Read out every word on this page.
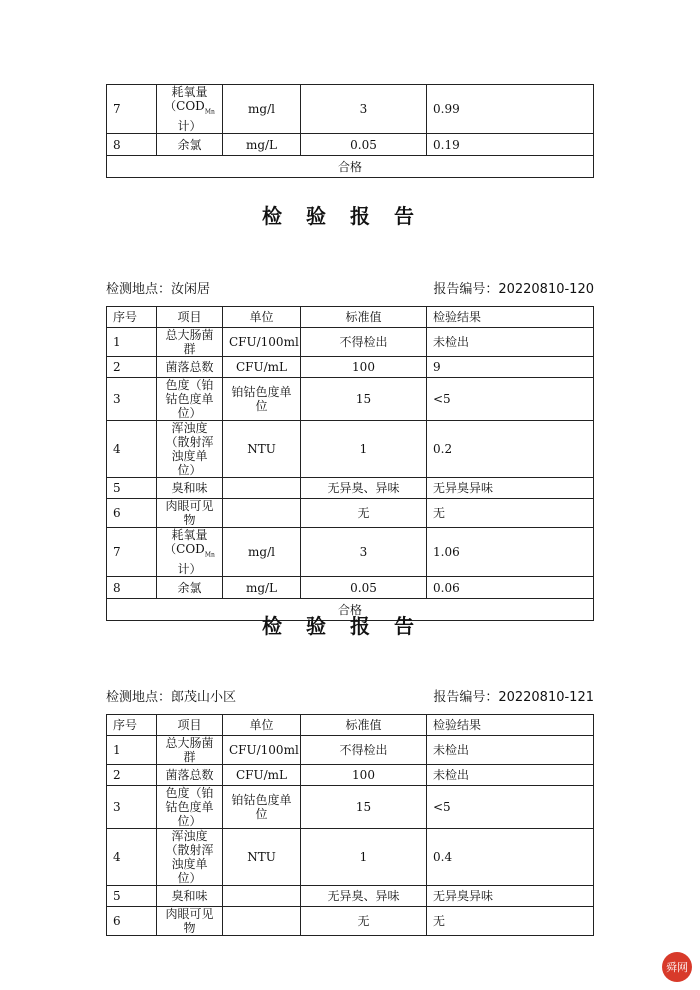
7	耗氧量（$COD_{Mn}$计）	mg/l	3	0.99
8	余氯	mg/L	0.05	0.19
合格				
检验报告
检测地点：汝闲居	报告编号：20220810-120
序号	项目	单位	标准值	检验结果
1	总大肠菌群	CFU/100ml	不得检出	未检出
2	菌落总数	CFU/mL	100	9
3	色度（铂钴色度单位）	铂钴色度单位	15	<5
4	浑浊度（散射浑浊度单位）	NTU	1	0.2
5	臭和味		无异臭、异味	无异臭异味
6	肉眼可见物		无	无
7	耗氧量（$COD_{Mn}$计）	mg/l	3	1.06
8	余氯	mg/L	0.05	0.06
合格				
检验报告
检测地点：郎茂山小区	报告编号：20220810-121
序号	项目	单位	标准值	检验结果
1	总大肠菌群	CFU/100ml	不得检出	未检出
2	菌落总数	CFU/mL	100	未检出
3	色度（铂钴色度单位）	铂钴色度单位	15	<5
4	浑浊度（散射浑浊度单位）	NTU	1	0.4
5	臭和味		无异臭、异味	无异臭异味
6	肉眼可见物		无	无
舜网
